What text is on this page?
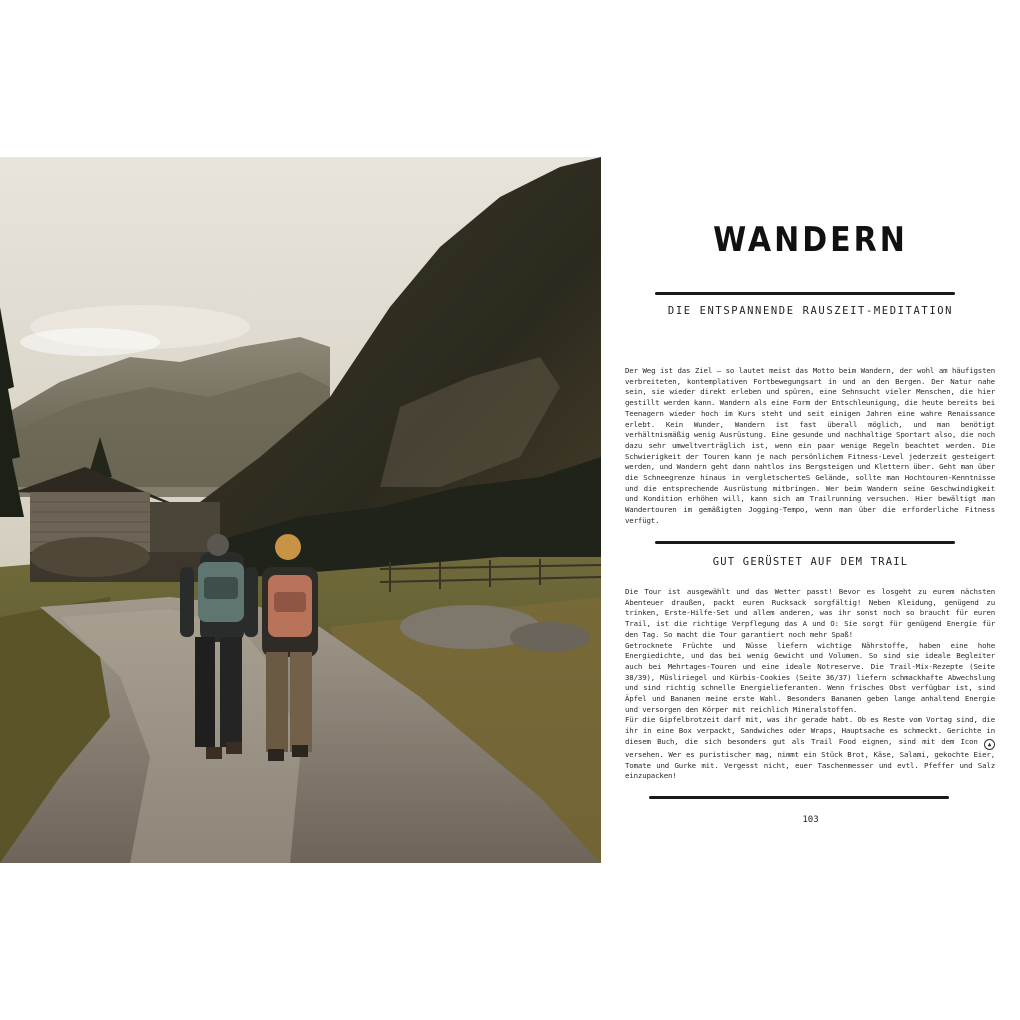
WANDERN
DIE ENTSPANNENDE RAUSZEIT-MEDITATION

Der Weg ist das Ziel – so lautet meist das Motto beim Wandern, der wohl am häufigsten verbreiteten, kontemplativen Fortbewegungsart in und an den Bergen. Der Natur nahe sein, sie wieder direkt erleben und spüren, eine Sehnsucht vieler Menschen, die hier gestillt werden kann. Wandern als eine Form der Entschleunigung, die heute bereits bei Teenagern wieder hoch im Kurs steht und seit einigen Jahren eine wahre Renaissance erlebt. Kein Wunder, Wandern ist fast überall möglich, und man benötigt verhältnismäßig wenig Ausrüstung. Eine gesunde und nachhaltige Sportart also, die noch dazu sehr umweltverträglich ist, wenn ein paar wenige Regeln beachtet werden. Die Schwierigkeit der Touren kann je nach persönlichem Fitness-Level jederzeit gesteigert werden, und Wandern geht dann nahtlos ins Bergsteigen und Klettern über. Geht man über die Schneegrenze hinaus in vergletscherteS Gelände, sollte man Hochtouren-Kenntnisse und die entsprechende Ausrüstung mitbringen. Wer beim Wandern seine Geschwindigkeit und Kondition erhöhen will, kann sich am Trailrunning versuchen. Hier bewältigt man Wandertouren im gemäßigten Jogging-Tempo, wenn man über die erforderliche Fitness verfügt.

GUT GERÜSTET AUF DEM TRAIL

Die Tour ist ausgewählt und das Wetter passt! Bevor es losgeht zu eurem nächsten Abenteuer draußen, packt euren Rucksack sorgfältig! Neben Kleidung, genügend zu trinken, Erste-Hilfe-Set und allem anderen, was ihr sonst noch so braucht für euren Trail, ist die richtige Verpflegung das A und O: Sie sorgt für genügend Energie für den Tag. So macht die Tour garantiert noch mehr Spaß!

Getrocknete Früchte und Nüsse liefern wichtige Nährstoffe, haben eine hohe Energiedichte, und das bei wenig Gewicht und Volumen. So sind sie ideale Begleiter auch bei Mehrtages-Touren und eine ideale Notreserve. Die Trail-Mix-Rezepte (Seite 38/39), Müsliriegel und Kürbis-Cookies (Seite 36/37) liefern schmackhafte Abwechslung und sind richtig schnelle Energielieferanten. Wenn frisches Obst verfügbar ist, sind Äpfel und Bananen meine erste Wahl. Besonders Bananen geben lange anhaltend Energie und versorgen den Körper mit reichlich Mineralstoffen.

Für die Gipfelbrotzeit darf mit, was ihr gerade habt. Ob es Reste vom Vortag sind, die ihr in eine Box verpackt, Sandwiches oder Wraps, Hauptsache es schmeckt. Gerichte in diesem Buch, die sich besonders gut als Trail Food eignen, sind mit dem Icon ▲ versehen. Wer es puristischer mag, nimmt ein Stück Brot, Käse, Salami, gekochte Eier, Tomate und Gurke mit. Vergesst nicht, euer Taschenmesser und evtl. Pfeffer und Salz einzupacken!

103
